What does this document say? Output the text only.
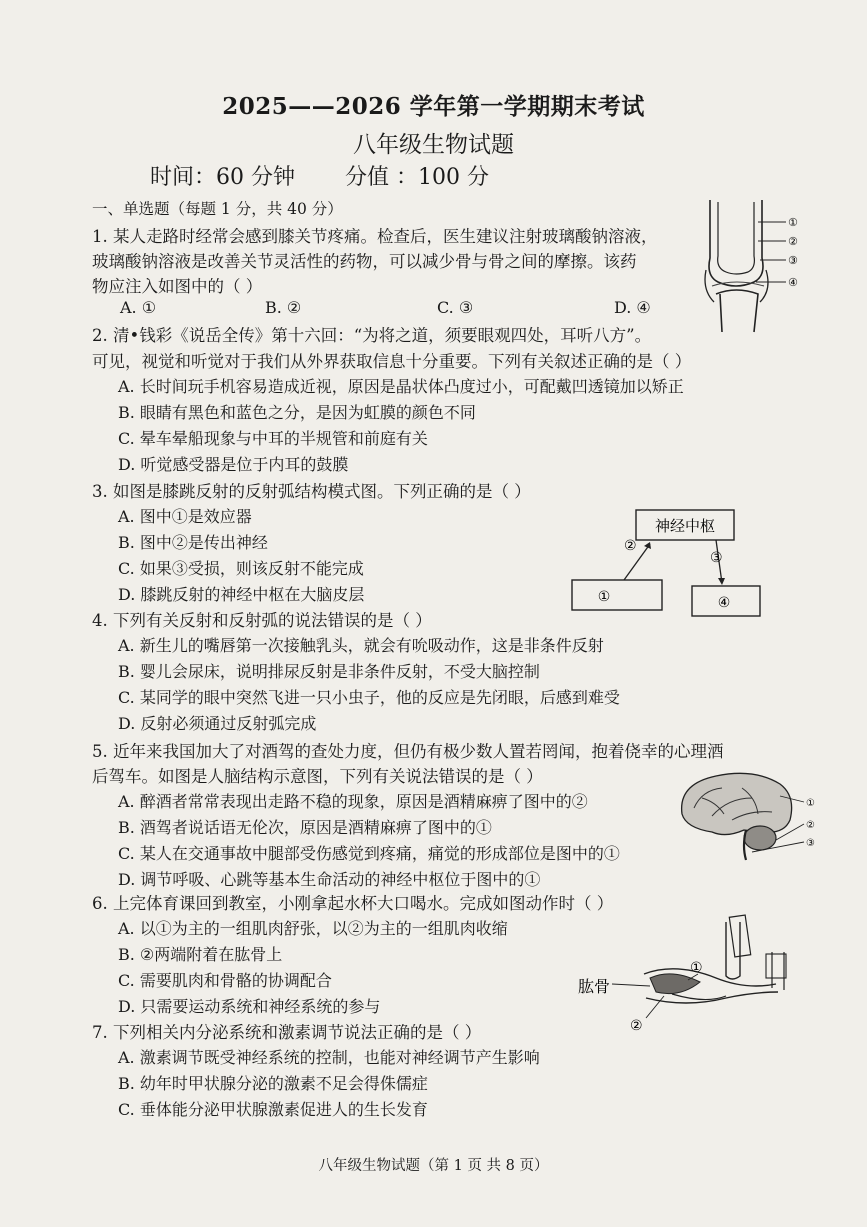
2025——2026 学年第一学期期末考试
八年级生物试题
时间：60 分钟 分值 ：100 分
一、单选题（每题 1 分，共 40 分）
1. 某人走路时经常会感到膝关节疼痛。检查后，医生建议注射玻璃酸钠溶液，
玻璃酸钠溶液是改善关节灵活性的药物，可以减少骨与骨之间的摩擦。该药
物应注入如图中的（ ）
A. ①	B. ②	C. ③	D. ④
①
②
③
④
2. 清•钱彩《说岳全传》第十六回：“为将之道，须要眼观四处，耳听八方”。
可见，视觉和听觉对于我们从外界获取信息十分重要。下列有关叙述正确的是（ ）
A. 长时间玩手机容易造成近视，原因是晶状体凸度过小，可配戴凹透镜加以矫正
B. 眼睛有黑色和蓝色之分，是因为虹膜的颜色不同
C. 晕车晕船现象与中耳的半规管和前庭有关
D. 听觉感受器是位于内耳的鼓膜
3. 如图是膝跳反射的反射弧结构模式图。下列正确的是（ ）
A. 图中①是效应器
B. 图中②是传出神经
C. 如果③受损，则该反射不能完成
D. 膝跳反射的神经中枢在大脑皮层
神经中枢
①	④
②
③
4. 下列有关反射和反射弧的说法错误的是（ ）
A. 新生儿的嘴唇第一次接触乳头，就会有吮吸动作，这是非条件反射
B. 婴儿会尿床，说明排尿反射是非条件反射，不受大脑控制
C. 某同学的眼中突然飞进一只小虫子，他的反应是先闭眼，后感到难受
D. 反射必须通过反射弧完成
5. 近年来我国加大了对酒驾的查处力度，但仍有极少数人置若罔闻，抱着侥幸的心理酒
后驾车。如图是人脑结构示意图，下列有关说法错误的是（ ）
A. 醉酒者常常表现出走路不稳的现象，原因是酒精麻痹了图中的②
B. 酒驾者说话语无伦次，原因是酒精麻痹了图中的①
C. 某人在交通事故中腿部受伤感觉到疼痛，痛觉的形成部位是图中的①
D. 调节呼吸、心跳等基本生命活动的神经中枢位于图中的①
①
②
③
6. 上完体育课回到教室，小刚拿起水杯大口喝水。完成如图动作时（ ）
A. 以①为主的一组肌肉舒张，以②为主的一组肌肉收缩
B. ②两端附着在肱骨上
C. 需要肌肉和骨骼的协调配合
D. 只需要运动系统和神经系统的参与
肱骨
①
②
7. 下列相关内分泌系统和激素调节说法正确的是（ ）
A. 激素调节既受神经系统的控制，也能对神经调节产生影响
B. 幼年时甲状腺分泌的激素不足会得侏儒症
C. 垂体能分泌甲状腺激素促进人的生长发育
八年级生物试题（第 1 页 共 8 页）
